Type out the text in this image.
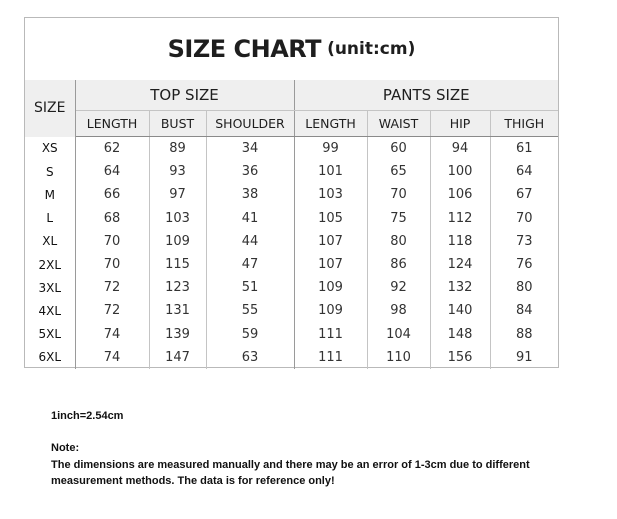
SIZE CHART (unit:cm)
SIZE	TOP SIZE			PANTS SIZE			
	LENGTH	BUST	SHOULDER	LENGTH	WAIST	HIP	THIGH
XS	62	89	34	99	60	94	61
S	64	93	36	101	65	100	64
M	66	97	38	103	70	106	67
L	68	103	41	105	75	112	70
XL	70	109	44	107	80	118	73
2XL	70	115	47	107	86	124	76
3XL	72	123	51	109	92	132	80
4XL	72	131	55	109	98	140	84
5XL	74	139	59	111	104	148	88
6XL	74	147	63	111	110	156	91
1inch=2.54cm
Note:
The dimensions are measured manually and there may be an error of 1-3cm due to different measurement methods. The data is for reference only!
